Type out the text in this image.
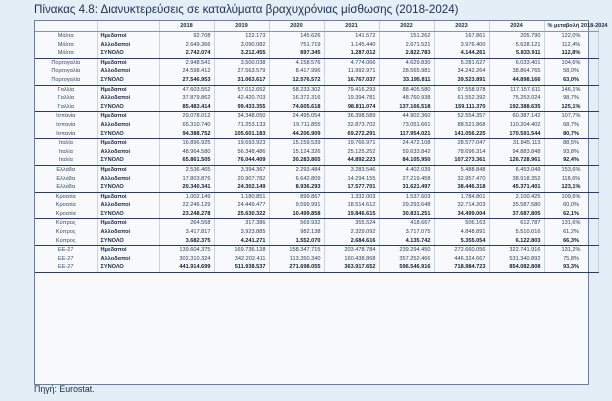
Πίνακας 4.8: Διανυκτερεύσεις σε καταλύματα βραχυχρόνιας μίσθωσης (2018-2024)
		2018	2019	2020	2021	2022	2023	2024	% μεταβολή 2018-2024
Μάλτα	Ημεδαποί	92.708	122.173	145.626	141.572	151.262	167.861	205.790	122,0%
Μάλτα	Αλλοδαποί	2.649.366	3.090.082	751.719	1.145.440	2.671.521	3.976.400	5.628.121	112,4%
Μάλτα	ΣΥΝΟΛΟ	2.742.074	3.212.455	897.345	1.287.012	2.822.783	4.144.261	5.833.911	112,8%
Πορτογαλία	Ημεδαποί	2.948.541	3.500.038	4.158.576	4.774.066	4.629.830	5.281.627	6.033.401	104,6%
Πορτογαλία	Αλλοδαποί	24.598.412	27.563.579	8.417.996	11.992.971	28.565.981	34.242.264	38.864.765	58,0%
Πορτογαλία	ΣΥΝΟΛΟ	27.546.953	31.063.617	12.576.572	16.767.037	33.195.811	39.523.891	44.898.166	63,0%
Γαλλία	Ημεδαποί	47.603.552	57.012.652	58.233.302	79.416.293	88.405.580	97.558.978	117.157.611	146,1%
Γαλλία	Αλλοδαποί	37.879.862	42.420.703	16.372.316	19.394.781	48.760.938	61.552.392	75.253.024	98,7%
Γαλλία	ΣΥΝΟΛΟ	85.483.414	99.433.355	74.605.618	98.811.074	137.166.518	159.111.370	192.388.635	125,1%
Ισπανία	Ημεδαποί	29.078.012	34.348.050	24.495.054	36.398.589	44.902.360	52.554.357	60.387.142	107,7%
Ισπανία	Αλλοδαποί	65.310.740	71.253.133	19.711.855	32.873.702	73.051.661	88.521.868	110.204.402	68,7%
Ισπανία	ΣΥΝΟΛΟ	94.388.752	105.601.183	44.206.909	69.272.291	117.954.021	141.056.225	170.591.544	80,7%
Ιταλία	Ημεδαποί	16.896.925	19.693.923	15.159.539	19.766.971	24.472.108	28.577.047	31.845.113	88,5%
Ιταλία	Αλλοδαποί	48.964.580	56.348.486	15.124.326	25.125.252	59.633.842	78.696.314	94.883.848	93,8%
Ιταλία	ΣΥΝΟΛΟ	65.861.505	76.044.409	30.283.865	44.892.223	84.105.950	107.273.361	126.728.961	92,4%
Ελλάδα	Ημεδαποί	2.536.465	3.394.367	2.293.484	3.283.546	4.402.039	5.488.848	6.453.049	153,6%
Ελλάδα	Αλλοδαποί	17.803.876	20.907.782	6.642.809	14.294.155	27.219.458	32.957.470	38.918.352	118,6%
Ελλάδα	ΣΥΝΟΛΟ	20.340.341	24.302.149	8.936.293	17.577.701	31.621.497	38.446.318	45.371.401	123,1%
Κροατία	Ημεδαποί	1.002.149	1.180.851	899.867	1.332.003	1.537.603	1.784.801	2.100.425	109,6%
Κροατία	Αλλοδαποί	22.246.129	24.449.477	9.599.991	18.514.612	29.293.648	32.714.203	35.587.580	60,0%
Κροατία	ΣΥΝΟΛΟ	23.248.278	25.630.322	10.499.858	19.846.615	30.831.251	34.499.004	37.687.805	62,1%
Κύπρος	Ημεδαποί	264.558	317.386	569.932	355.524	418.667	506.163	612.787	131,6%
Κύπρος	Αλλοδαποί	3.417.817	3.923.885	982.138	2.329.092	3.717.075	4.848.891	5.510.016	61,2%
Κύπρος	ΣΥΝΟΛΟ	3.682.375	4.241.271	1.552.070	2.684.616	4.135.742	5.355.054	6.122.803	66,3%
ΕΕ-27	Ημεδαποί	139.604.375	169.736.128	158.347.715	203.478.784	239.294.450	272.660.056	322.741.916	131,2%
ΕΕ-27	Αλλοδαποί	302.310.324	342.202.411	113.350.340	160.438.868	357.252.466	446.324.667	531.340.892	75,8%
ΕΕ-27	ΣΥΝΟΛΟ	441.914.699	511.938.537	271.698.055	363.917.652	596.546.916	718.984.723	854.082.808	93,3%
Πηγή: Eurostat.
